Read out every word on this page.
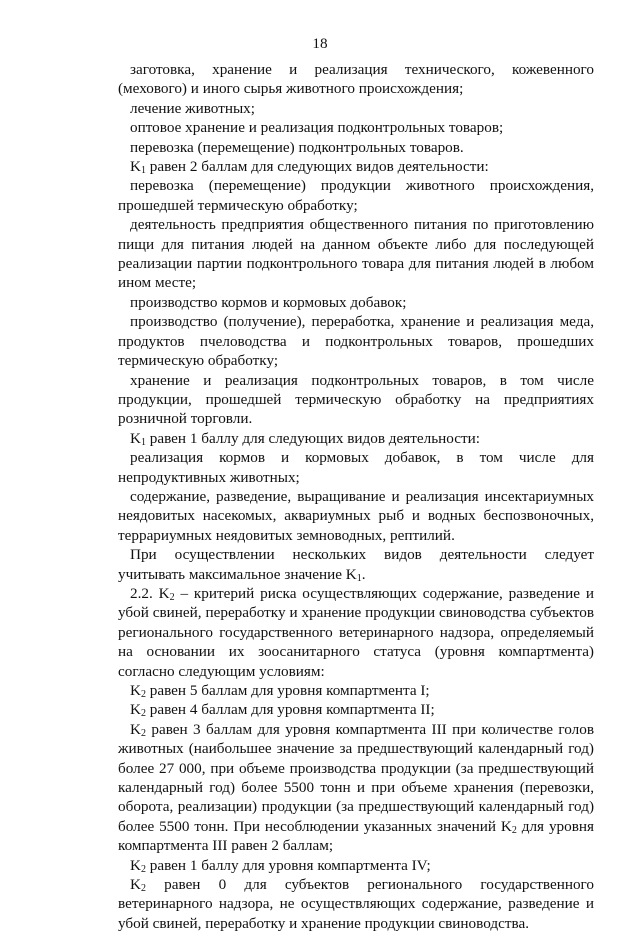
18

заготовка, хранение и реализация технического, кожевенного (мехового) и иного сырья животного происхождения;

лечение животных;

оптовое хранение и реализация подконтрольных товаров;

перевозка (перемещение) подконтрольных товаров.

$K_1$ равен 2 баллам для следующих видов деятельности:

перевозка (перемещение) продукции животного происхождения, прошедшей термическую обработку;

деятельность предприятия общественного питания по приготовлению пищи для питания людей на данном объекте либо для последующей реализации партии подконтрольного товара для питания людей в любом ином месте;

производство кормов и кормовых добавок;

производство (получение), переработка, хранение и реализация меда, продуктов пчеловодства и подконтрольных товаров, прошедших термическую обработку;

хранение и реализация подконтрольных товаров, в том числе продукции, прошедшей термическую обработку на предприятиях розничной торговли.

$K_1$ равен 1 баллу для следующих видов деятельности:

реализация кормов и кормовых добавок, в том числе для непродуктивных животных;

содержание, разведение, выращивание и реализация инсектариумных неядовитых насекомых, аквариумных рыб и водных беспозвоночных, террариумных неядовитых земноводных, рептилий.

При осуществлении нескольких видов деятельности следует учитывать максимальное значение $K_1$.

2.2. $K_2$ – критерий риска осуществляющих содержание, разведение и убой свиней, переработку и хранение продукции свиноводства субъектов регионального государственного ветеринарного надзора, определяемый на основании их зоосанитарного статуса (уровня компартмента) согласно следующим условиям:

$K_2$ равен 5 баллам для уровня компартмента I;

$K_2$ равен 4 баллам для уровня компартмента II;

$K_2$ равен 3 баллам для уровня компартмента III при количестве голов животных (наибольшее значение за предшествующий календарный год) более 27 000, при объеме производства продукции (за предшествующий календарный год) более 5500 тонн и при объеме хранения (перевозки, оборота, реализации) продукции (за предшествующий календарный год) более 5500 тонн. При несоблюдении указанных значений $K_2$ для уровня компартмента III равен 2 баллам;

$K_2$ равен 1 баллу для уровня компартмента IV;

$K_2$ равен 0 для субъектов регионального государственного ветеринарного надзора, не осуществляющих содержание, разведение и убой свиней, переработку и хранение продукции свиноводства.
